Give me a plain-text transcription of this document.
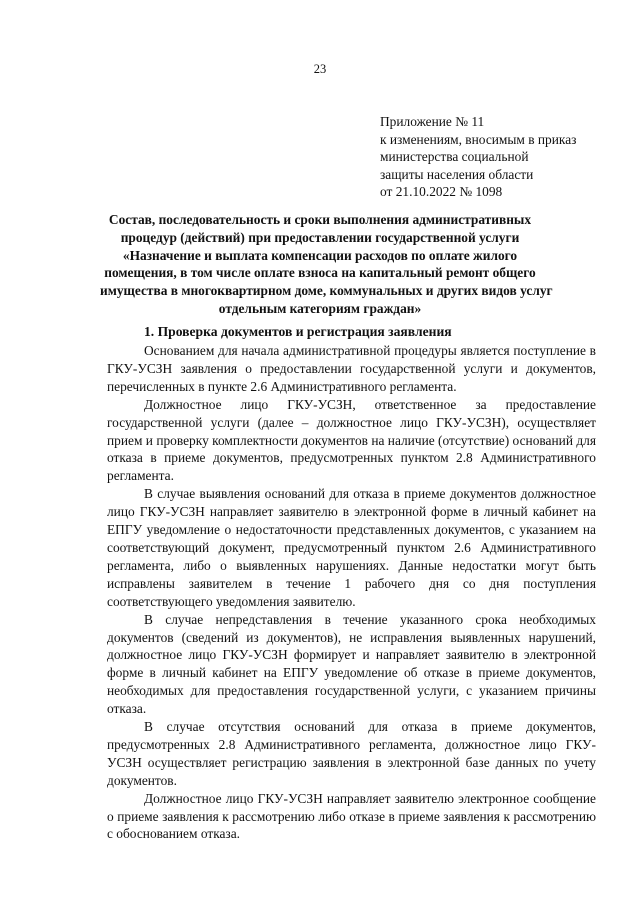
23
Приложение № 11
к изменениям, вносимым в приказ
министерства социальной
защиты населения области
от 21.10.2022 № 1098
Состав, последовательность и сроки выполнения административных
процедур (действий) при предоставлении государственной услуги
«Назначение и выплата компенсации расходов по оплате жилого
помещения, в том числе оплате взноса на капитальный ремонт общего
имущества в многоквартирном доме, коммунальных и других видов услуг
отдельным категориям граждан»
1. Проверка документов и регистрация заявления

Основанием для начала административной процедуры является поступление в ГКУ-УСЗН заявления о предоставлении государственной услуги и документов, перечисленных в пункте 2.6 Административного регламента.

Должностное лицо ГКУ-УСЗН, ответственное за предоставление государственной услуги (далее – должностное лицо ГКУ-УСЗН), осуществляет прием и проверку комплектности документов на наличие (отсутствие) оснований для отказа в приеме документов, предусмотренных пунктом 2.8 Административного регламента.

В случае выявления оснований для отказа в приеме документов должностное лицо ГКУ-УСЗН направляет заявителю в электронной форме в личный кабинет на ЕПГУ уведомление о недостаточности представленных документов, с указанием на соответствующий документ, предусмотренный пунктом 2.6 Административного регламента, либо о выявленных нарушениях. Данные недостатки могут быть исправлены заявителем в течение 1 рабочего дня со дня поступления соответствующего уведомления заявителю.

В случае непредставления в течение указанного срока необходимых документов (сведений из документов), не исправления выявленных нарушений, должностное лицо ГКУ-УСЗН формирует и направляет заявителю в электронной форме в личный кабинет на ЕПГУ уведомление об отказе в приеме документов, необходимых для предоставления государственной услуги, с указанием причины отказа.

В случае отсутствия оснований для отказа в приеме документов, предусмотренных 2.8 Административного регламента, должностное лицо ГКУ-УСЗН осуществляет регистрацию заявления в электронной базе данных по учету документов.

Должностное лицо ГКУ-УСЗН направляет заявителю электронное сообщение о приеме заявления к рассмотрению либо отказе в приеме заявления к рассмотрению с обоснованием отказа.
